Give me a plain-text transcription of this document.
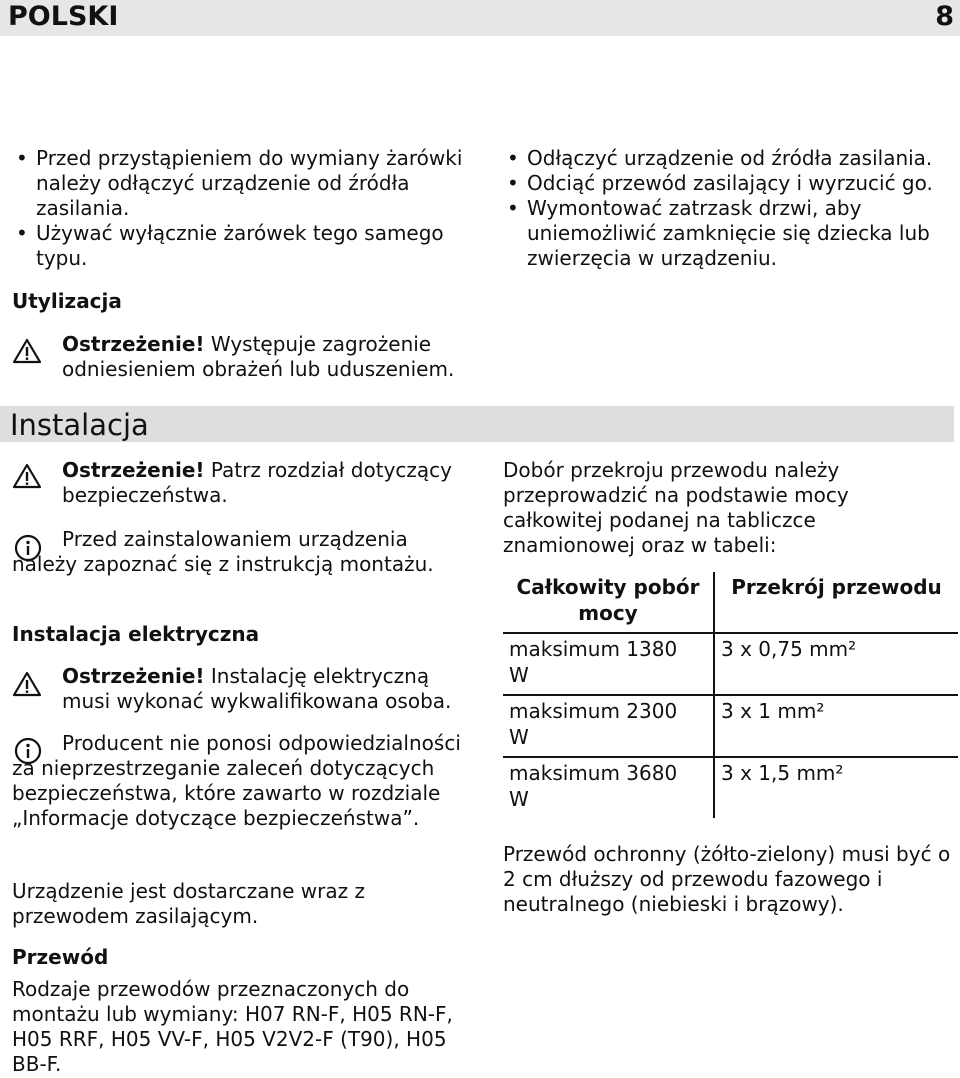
POLSKI	8
• Przed przystąpieniem do wymiany żarówki należy odłączyć urządzenie od źródła zasilania.
• Używać wyłącznie żarówek tego samego typu.
Utylizacja

Ostrzeżenie! Występuje zagrożenie odniesieniem obrażeń lub uduszeniem.

• Odłączyć urządzenie od źródła zasilania.
• Odciąć przewód zasilający i wyrzucić go.
• Wymontować zatrzask drzwi, aby uniemożliwić zamknięcie się dziecka lub zwierzęcia w urządzeniu.
Instalacja

Ostrzeżenie! Patrz rozdział dotyczący bezpieczeństwa.

Przed zainstalowaniem urządzenia należy zapoznać się z instrukcją montażu.
Instalacja elektryczna

Ostrzeżenie! Instalację elektryczną musi wykonać wykwalifikowana osoba.

Producent nie ponosi odpowiedzialności za nieprzestrzeganie zaleceń dotyczących bezpieczeństwa, które zawarto w rozdziale „Informacje dotyczące bezpieczeństwa”.
Urządzenie jest dostarczane wraz z przewodem zasilającym.
Przewód
Rodzaje przewodów przeznaczonych do montażu lub wymiany: H07 RN-F, H05 RN-F, H05 RRF, H05 VV-F, H05 V2V2-F (T90), H05 BB-F.
Dobór przekroju przewodu należy przeprowadzić na podstawie mocy całkowitej podanej na tabliczce znamionowej oraz w tabeli:
Całkowity pobór mocy	Przekrój przewodu
maksimum 1380 W	3 x 0,75 mm²
maksimum 2300 W	3 x 1 mm²
maksimum 3680 W	3 x 1,5 mm²
Przewód ochronny (żółto-zielony) musi być o 2 cm dłuższy od przewodu fazowego i neutralnego (niebieski i brązowy).
